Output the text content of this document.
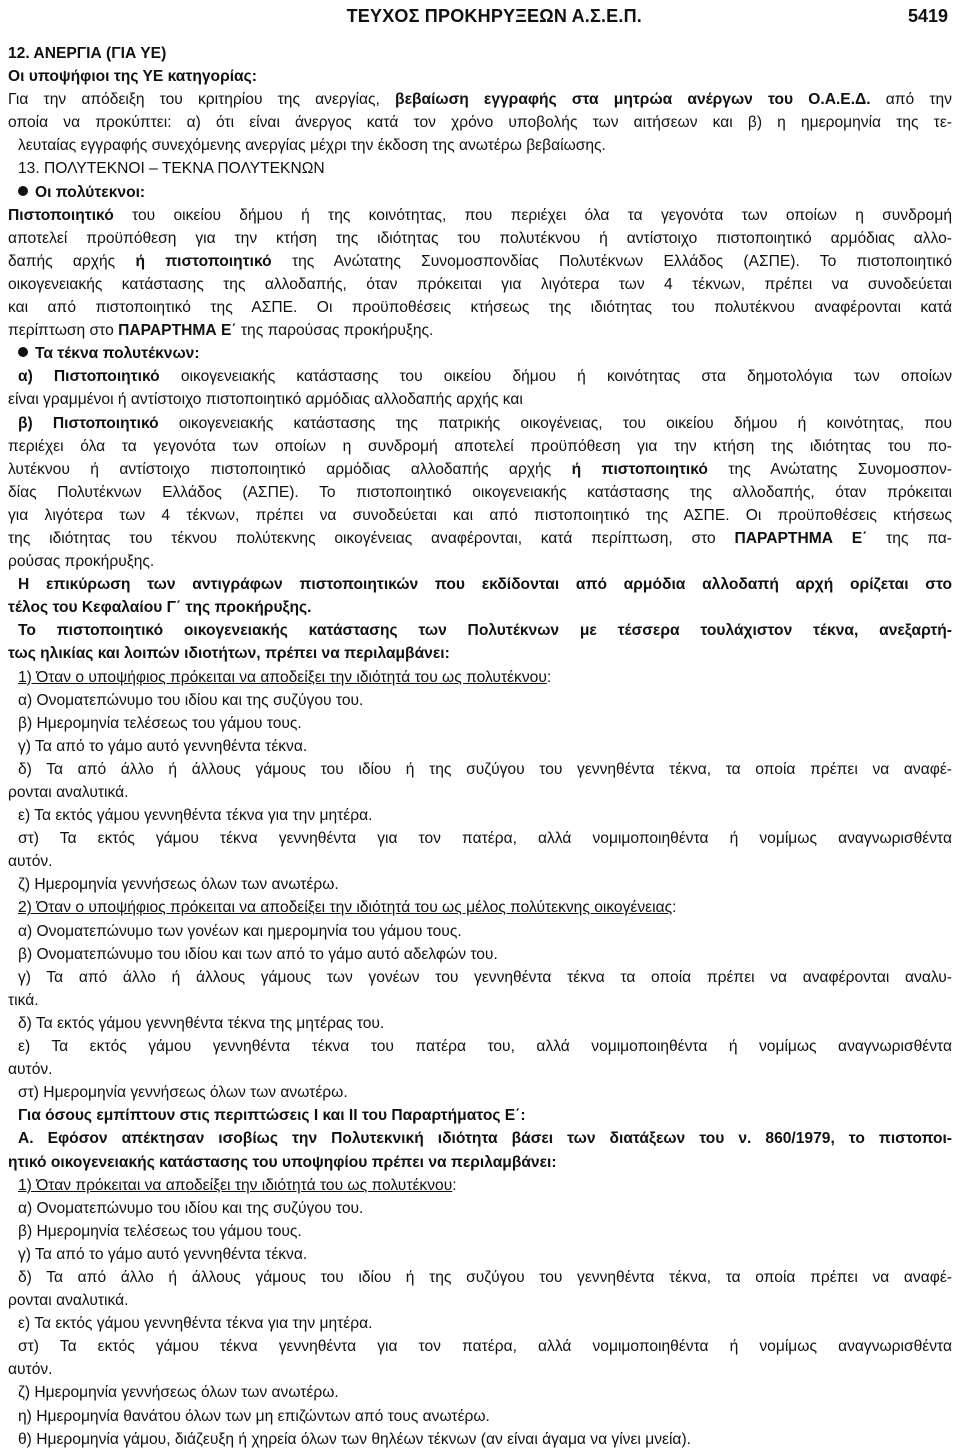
ΤΕΥΧΟΣ ΠΡΟΚΗΡΥΞΕΩΝ Α.Σ.Ε.Π.	5419
12. ΑΝΕΡΓΙΑ (ΓΙΑ ΥΕ)
Οι υποψήφιοι της ΥΕ κατηγορίας:
Για την απόδειξη του κριτηρίου της ανεργίας, βεβαίωση εγγραφής στα μητρώα ανέργων του Ο.Α.Ε.Δ. από την
οποία να προκύπτει: α) ότι είναι άνεργος κατά τον χρόνο υποβολής των αιτήσεων και β) η ημερομηνία της τε-
λευταίας εγγραφής συνεχόμενης ανεργίας μέχρι την έκδοση της ανωτέρω βεβαίωσης.
13. ΠΟΛΥΤΕΚΝΟΙ – ΤΕΚΝΑ ΠΟΛΥΤΕΚΝΩΝ
Οι πολύτεκνοι:
Πιστοποιητικό του οικείου δήμου ή της κοινότητας, που περιέχει όλα τα γεγονότα των οποίων η συνδρομή
αποτελεί προϋπόθεση για την κτήση της ιδιότητας του πολυτέκνου ή αντίστοιχο πιστοποιητικό αρμόδιας αλλο-
δαπής αρχής ή πιστοποιητικό της Ανώτατης Συνομοσπονδίας Πολυτέκνων Ελλάδος (ΑΣΠΕ). Το πιστοποιητικό
οικογενειακής κατάστασης της αλλοδαπής, όταν πρόκειται για λιγότερα των 4 τέκνων, πρέπει να συνοδεύεται
και από πιστοποιητικό της ΑΣΠΕ. Οι προϋποθέσεις κτήσεως της ιδιότητας του πολυτέκνου αναφέρονται κατά
περίπτωση στο ΠΑΡΑΡΤΗΜΑ Ε΄ της παρούσας προκήρυξης.
Τα τέκνα πολυτέκνων:
α) Πιστοποιητικό οικογενειακής κατάστασης του οικείου δήμου ή κοινότητας στα δημοτολόγια των οποίων
είναι γραμμένοι ή αντίστοιχο πιστοποιητικό αρμόδιας αλλοδαπής αρχής και
β) Πιστοποιητικό οικογενειακής κατάστασης της πατρικής οικογένειας, του οικείου δήμου ή κοινότητας, που
περιέχει όλα τα γεγονότα των οποίων η συνδρομή αποτελεί προϋπόθεση για την κτήση της ιδιότητας του πο-
λυτέκνου ή αντίστοιχο πιστοποιητικό αρμόδιας αλλοδαπής αρχής ή πιστοποιητικό της Ανώτατης Συνομοσπον-
δίας Πολυτέκνων Ελλάδος (ΑΣΠΕ). Το πιστοποιητικό οικογενειακής κατάστασης της αλλοδαπής, όταν πρόκειται
για λιγότερα των 4 τέκνων, πρέπει να συνοδεύεται και από πιστοποιητικό της ΑΣΠΕ. Οι προϋποθέσεις κτήσεως
της ιδιότητας του τέκνου πολύτεκνης οικογένειας αναφέρονται, κατά περίπτωση, στο ΠΑΡΑΡΤΗΜΑ Ε΄ της πα-
ρούσας προκήρυξης.
Η επικύρωση των αντιγράφων πιστοποιητικών που εκδίδονται από αρμόδια αλλοδαπή αρχή ορίζεται στο
τέλος του Κεφαλαίου Γ΄ της προκήρυξης.
Το πιστοποιητικό οικογενειακής κατάστασης των Πολυτέκνων με τέσσερα τουλάχιστον τέκνα, ανεξαρτή-
τως ηλικίας και λοιπών ιδιοτήτων, πρέπει να περιλαμβάνει:
1) Όταν ο υποψήφιος πρόκειται να αποδείξει την ιδιότητά του ως πολυτέκνου:
α) Ονοματεπώνυμο του ιδίου και της συζύγου του.
β) Ημερομηνία τελέσεως του γάμου τους.
γ) Τα από το γάμο αυτό γεννηθέντα τέκνα.
δ) Τα από άλλο ή άλλους γάμους του ιδίου ή της συζύγου του γεννηθέντα τέκνα, τα οποία πρέπει να αναφέ-
ρονται αναλυτικά.
ε) Τα εκτός γάμου γεννηθέντα τέκνα για την μητέρα.
στ) Τα εκτός γάμου τέκνα γεννηθέντα για τον πατέρα, αλλά νομιμοποιηθέντα ή νομίμως αναγνωρισθέντα
αυτόν.
ζ) Ημερομηνία γεννήσεως όλων των ανωτέρω.
2) Όταν ο υποψήφιος πρόκειται να αποδείξει την ιδιότητά του ως μέλος πολύτεκνης οικογένειας:
α) Ονοματεπώνυμο των γονέων και ημερομηνία του γάμου τους.
β) Ονοματεπώνυμο του ιδίου και των από το γάμο αυτό αδελφών του.
γ) Τα από άλλο ή άλλους γάμους των γονέων του γεννηθέντα τέκνα τα οποία πρέπει να αναφέρονται αναλυ-
τικά.
δ) Τα εκτός γάμου γεννηθέντα τέκνα της μητέρας του.
ε) Τα εκτός γάμου γεννηθέντα τέκνα του πατέρα του, αλλά νομιμοποιηθέντα ή νομίμως αναγνωρισθέντα
αυτόν.
στ) Ημερομηνία γεννήσεως όλων των ανωτέρω.
Για όσους εμπίπτουν στις περιπτώσεις Ι και ΙΙ του Παραρτήματος Ε΄:
Α. Εφόσον απέκτησαν ισοβίως την Πολυτεκνική ιδιότητα βάσει των διατάξεων του ν. 860/1979, το πιστοποι-
ητικό οικογενειακής κατάστασης του υποψηφίου πρέπει να περιλαμβάνει:
1) Όταν πρόκειται να αποδείξει την ιδιότητά του ως πολυτέκνου:
α) Ονοματεπώνυμο του ιδίου και της συζύγου του.
β) Ημερομηνία τελέσεως του γάμου τους.
γ) Τα από το γάμο αυτό γεννηθέντα τέκνα.
δ) Τα από άλλο ή άλλους γάμους του ιδίου ή της συζύγου του γεννηθέντα τέκνα, τα οποία πρέπει να αναφέ-
ρονται αναλυτικά.
ε) Τα εκτός γάμου γεννηθέντα τέκνα για την μητέρα.
στ) Τα εκτός γάμου τέκνα γεννηθέντα για τον πατέρα, αλλά νομιμοποιηθέντα ή νομίμως αναγνωρισθέντα
αυτόν.
ζ) Ημερομηνία γεννήσεως όλων των ανωτέρω.
η) Ημερομηνία θανάτου όλων των μη επιζώντων από τους ανωτέρω.
θ) Ημερομηνία γάμου, διάζευξη ή χηρεία όλων των θηλέων τέκνων (αν είναι άγαμα να γίνει μνεία).
